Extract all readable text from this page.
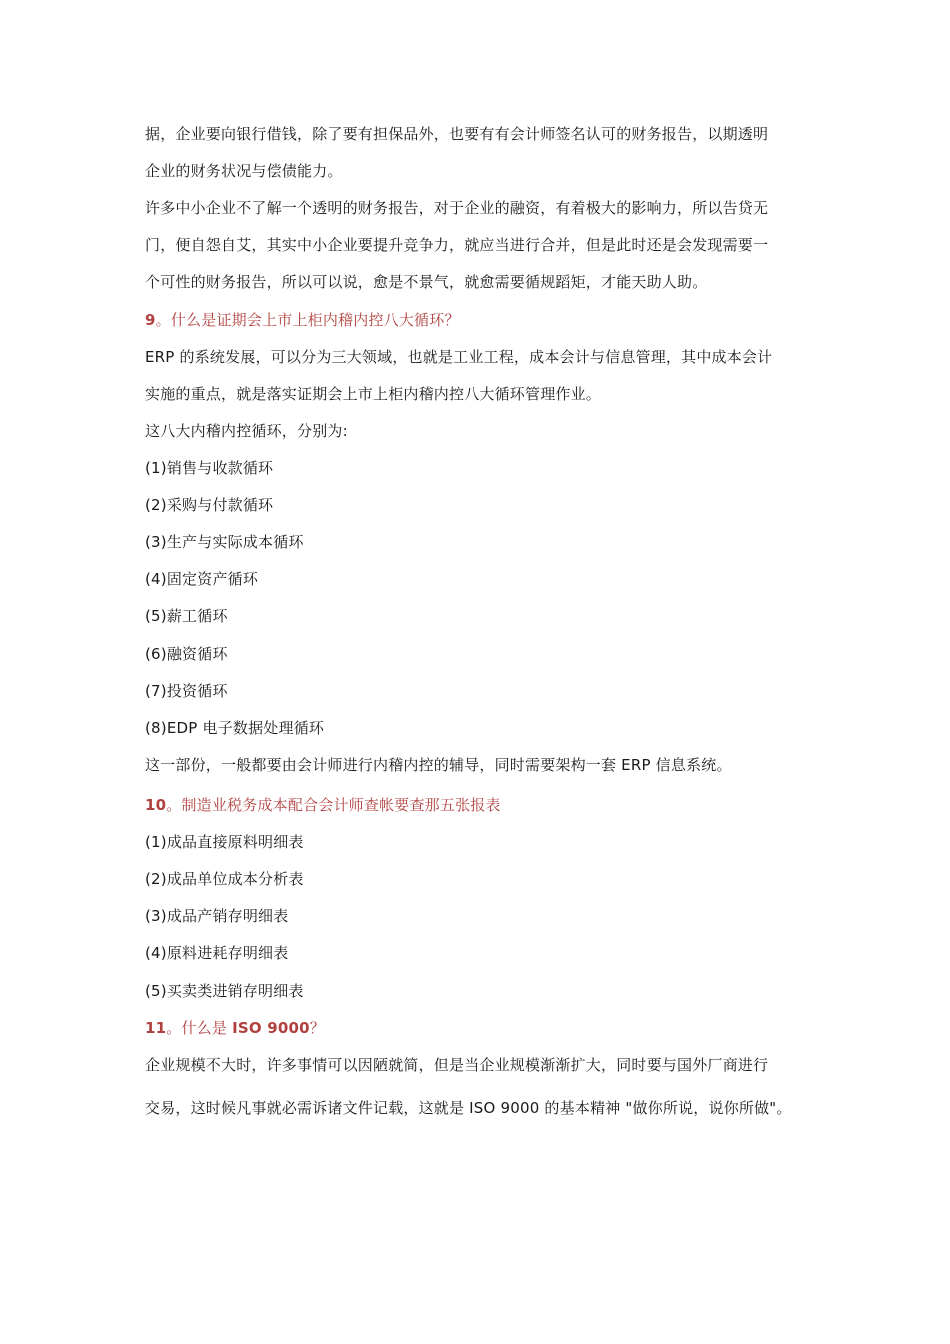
据，企业要向银行借钱，除了要有担保品外，也要有有会计师签名认可的财务报告，以期透明
企业的财务状况与偿债能力。
许多中小企业不了解一个透明的财务报告，对于企业的融资，有着极大的影响力，所以告贷无
门，便自怨自艾，其实中小企业要提升竞争力，就应当进行合并，但是此时还是会发现需要一
个可性的财务报告，所以可以说，愈是不景气，就愈需要循规蹈矩，才能天助人助。
9。什么是证期会上市上柜内稽内控八大循环？
ERP 的系统发展，可以分为三大领域，也就是工业工程，成本会计与信息管理，其中成本会计
实施的重点，就是落实证期会上市上柜内稽内控八大循环管理作业。
这八大内稽内控循环，分别为:
(1)销售与收款循环
(2)采购与付款循环
(3)生产与实际成本循环
(4)固定资产循环
(5)薪工循环
(6)融资循环
(7)投资循环
(8)EDP 电子数据处理循环
这一部份，一般都要由会计师进行内稽内控的辅导，同时需要架构一套 ERP 信息系统。
10。制造业税务成本配合会计师查帐要查那五张报表
(1)成品直接原料明细表
(2)成品单位成本分析表
(3)成品产销存明细表
(4)原料进耗存明细表
(5)买卖类进销存明细表
11。什么是 ISO 9000？
企业规模不大时，许多事情可以因陋就简，但是当企业规模渐渐扩大，同时要与国外厂商进行
交易，这时候凡事就必需诉诸文件记载，这就是 ISO 9000 的基本精神 "做你所说，说你所做"。
